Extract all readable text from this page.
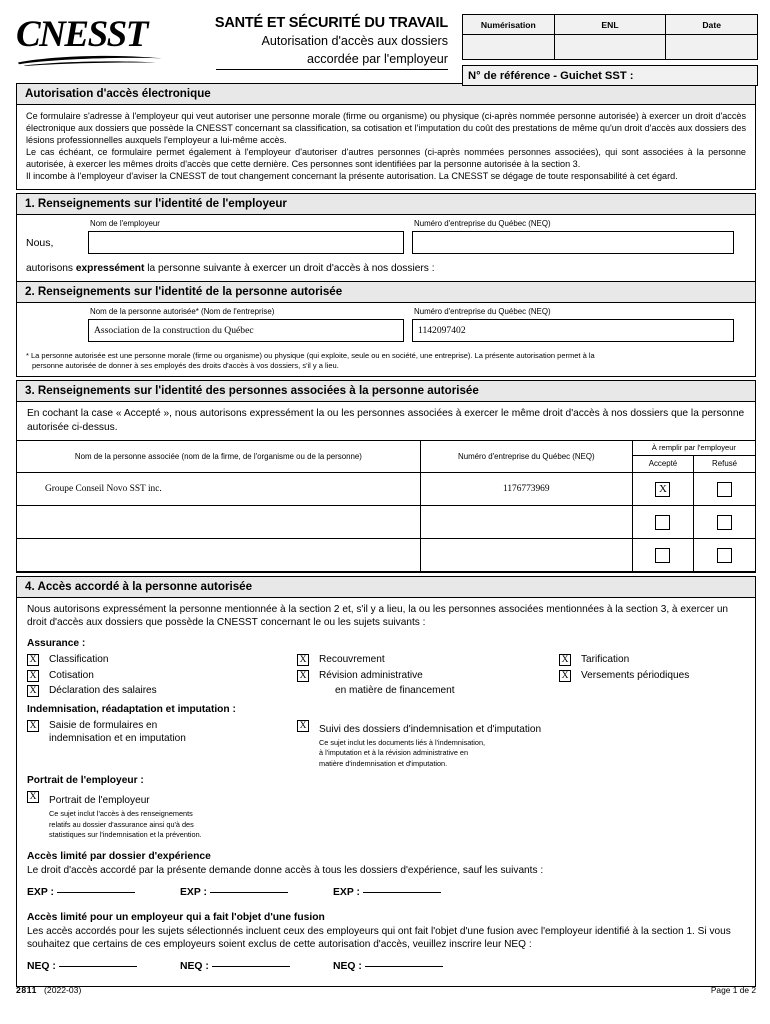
CNESST	SANTÉ ET SÉCURITÉ DU TRAVAIL
Autorisation d'accès aux dossiers
accordée par l'employeur
Numérisation	ENL	Date

N° de référence - Guichet SST :
Autorisation d'accès électronique

Ce formulaire s'adresse à l'employeur qui veut autoriser une personne morale (firme ou organisme) ou physique (ci-après nommée personne autorisée) à exercer un droit d'accès électronique aux dossiers que possède la CNESST concernant sa classification, sa cotisation et l'imputation du coût des prestations de même qu'un droit d'accès aux dossiers des lésions professionnelles auxquels l'employeur a lui-même accès.

Le cas échéant, ce formulaire permet également à l'employeur d'autoriser d'autres personnes (ci-après nommées personnes associées), qui sont associées à la personne autorisée, à exercer les mêmes droits d'accès que cette dernière. Ces personnes sont identifiées par la personne autorisée à la section 3.

Il incombe à l'employeur d'aviser la CNESST de tout changement concernant la présente autorisation. La CNESST se dégage de toute responsabilité à cet égard.

1. Renseignements sur l'identité de l'employeur
Nous,
Nom de l'employeur	Numéro d'entreprise du Québec (NEQ)
autorisons expressément la personne suivante à exercer un droit d'accès à nos dossiers :
2. Renseignements sur l'identité de la personne autorisée
Nom de la personne autorisée* (Nom de l'entreprise)
Association de la construction du Québec
Numéro d'entreprise du Québec (NEQ)
1142097402
* La personne autorisée est une personne morale (firme ou organisme) ou physique (qui exploite, seule ou en société, une entreprise). La présente autorisation permet à la
personne autorisée de donner à ses employés des droits d'accès à vos dossiers, s'il y a lieu.
3. Renseignements sur l'identité des personnes associées à la personne autorisée
En cochant la case « Accepté », nous autorisons expressément la ou les personnes associées à exercer le même droit d'accès à nos dossiers que la personne autorisée ci-dessus.
Nom de la personne associée (nom de la firme, de l'organisme ou de la personne)	Numéro d'entreprise du Québec (NEQ)	À remplir par l'employeur	
		Accepté	Refusé
Groupe Conseil Novo SST inc.	1176773969	X	

4. Accès accordé à la personne autorisée
Nous autorisons expressément la personne mentionnée à la section 2 et, s'il y a lieu, la ou les personnes associées mentionnées à la section 3, à exercer un droit d'accès aux dossiers que possède la CNESST concernant le ou les sujets suivants :
Assurance :
X Classification
X Cotisation
X Déclaration des salaires
X Recouvrement
X Révision administrative
en matière de financement
X Tarification
X Versements périodiques
Indemnisation, réadaptation et imputation :
X Saisie de formulaires en
indemnisation et en imputation
X Suivi des dossiers d'indemnisation et d'imputation
Ce sujet inclut les documents liés à l'indemnisation,
à l'imputation et à la révision administrative en
matière d'indemnisation et d'imputation.
Portrait de l'employeur :
X Portrait de l'employeur
Ce sujet inclut l'accès à des renseignements
relatifs au dossier d'assurance ainsi qu'à des
statistiques sur l'indemnisation et la prévention.
Accès limité par dossier d'expérience
Le droit d'accès accordé par la présente demande donne accès à tous les dossiers d'expérience, sauf les suivants :
EXP :	EXP :	EXP :
Accès limité pour un employeur qui a fait l'objet d'une fusion
Les accès accordés pour les sujets sélectionnés incluent ceux des employeurs qui ont fait l'objet d'une fusion avec l'employeur identifié à la section 1. Si vous souhaitez que certains de ces employeurs soient exclus de cette autorisation d'accès, veuillez inscrire leur NEQ :
NEQ :	NEQ :	NEQ :
2811 (2022-03)	Page 1 de 2
